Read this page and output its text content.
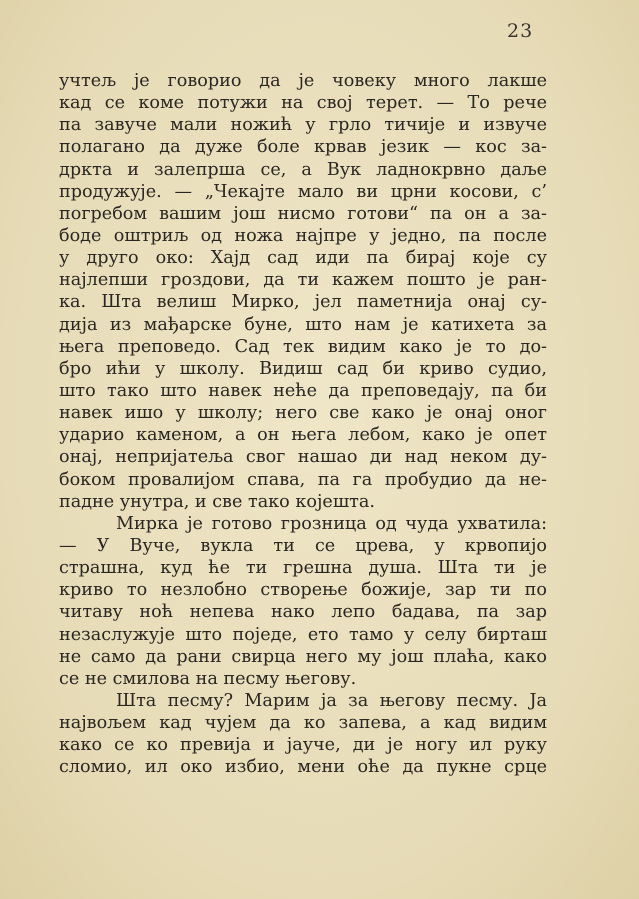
23
учтељ је говорио да је човеку много лакше
кад се коме потужи на свој терет. — То рече
па завуче мали ножић у грло тичије и извуче
полагано да дуже боле крвав језик — кос за-
дркта и залепрша се, а Вук ладнокрвно даље
продужује. — „Чекајте мало ви црни косови, с’
погребом вашим још нисмо готови“ па он а за-
боде оштриљ од ножа најпре у једно, па после
у друго око: Хајд сад иди па бирај које су
најлепши гроздови, да ти кажем пошто је ран-
ка. Шта велиш Мирко, јел паметнија онај су-
дија из мађарске буне, што нам је катихета за
њега преповедо. Сад тек видим како је то до-
бро ићи у школу. Видиш сад би криво судио,
што тако што навек неће да преповедају, па би
навек ишо у школу; него све како је онај оног
ударио каменом, а он њега лебом, како је опет
онај, непријатеља свог нашао ди над неком ду-
боком провалијом спава, па га пробудио да не-
падне унутра, и све тако којешта.
Мирка је готово грозница од чуда ухватила:
— У Вуче, вукла ти се црева, у крвопијо
страшна, куд ће ти грешна душа. Шта ти је
криво то незлобно створење божије, зар ти по
читаву ноћ непева нако лепо бадава, па зар
незаслужује што поједе, ето тамо у селу бирташ
не само да рани свирца него му још плаћа, како
се не смилова на песму његову.
Шта песму? Марим ја за његову песму. Ја
највољем кад чујем да ко запева, а кад видим
како се ко превија и јауче, ди је ногу ил руку
сломио, ил око избио, мени оће да пукне срце
